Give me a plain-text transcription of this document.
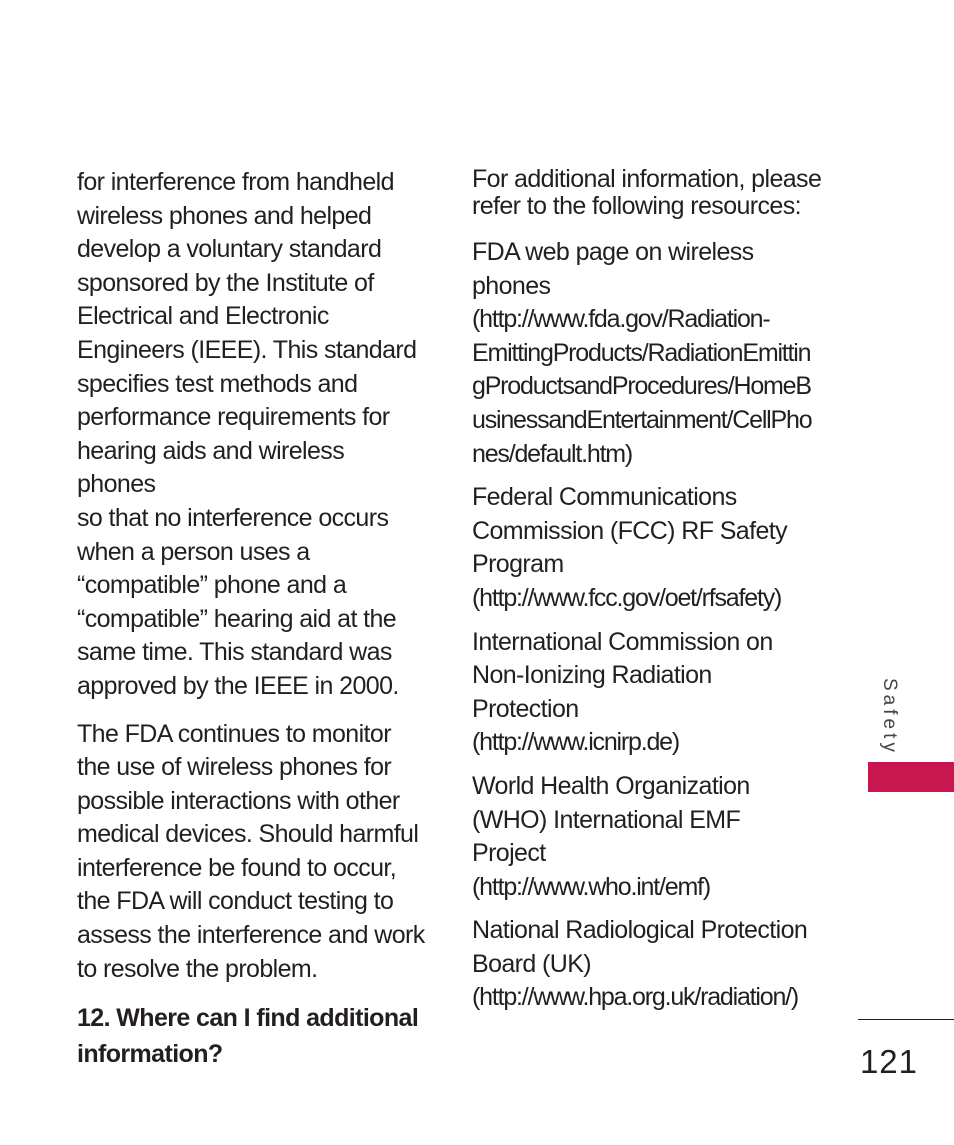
for interference from handheld
wireless phones and helped
develop a voluntary standard
sponsored by the Institute of
Electrical and Electronic
Engineers (IEEE). This standard
specifies test methods and
performance requirements for
hearing aids and wireless phones
so that no interference occurs
when a person uses a
“compatible” phone and a
“compatible” hearing aid at the
same time. This standard was
approved by the IEEE in 2000.

The FDA continues to monitor
the use of wireless phones for
possible interactions with other
medical devices. Should harmful
interference be found to occur,
the FDA will conduct testing to
assess the interference and work
to resolve the problem.

12. Where can I find additional
information?

For additional information, please
refer to the following resources:

FDA web page on wireless
phones
(http://www.fda.gov/Radiation-
EmittingProducts/RadiationEmittin
gProductsandProcedures/HomeB
usinessandEntertainment/CellPho
nes/default.htm)
Federal Communications
Commission (FCC) RF Safety
Program
(http://www.fcc.gov/oet/rfsafety)
International Commission on
Non-Ionizing Radiation
Protection
(http://www.icnirp.de)
World Health Organization
(WHO) International EMF
Project
(http://www.who.int/emf)
National Radiological Protection
Board (UK)
(http://www.hpa.org.uk/radiation/)
Safety
121
